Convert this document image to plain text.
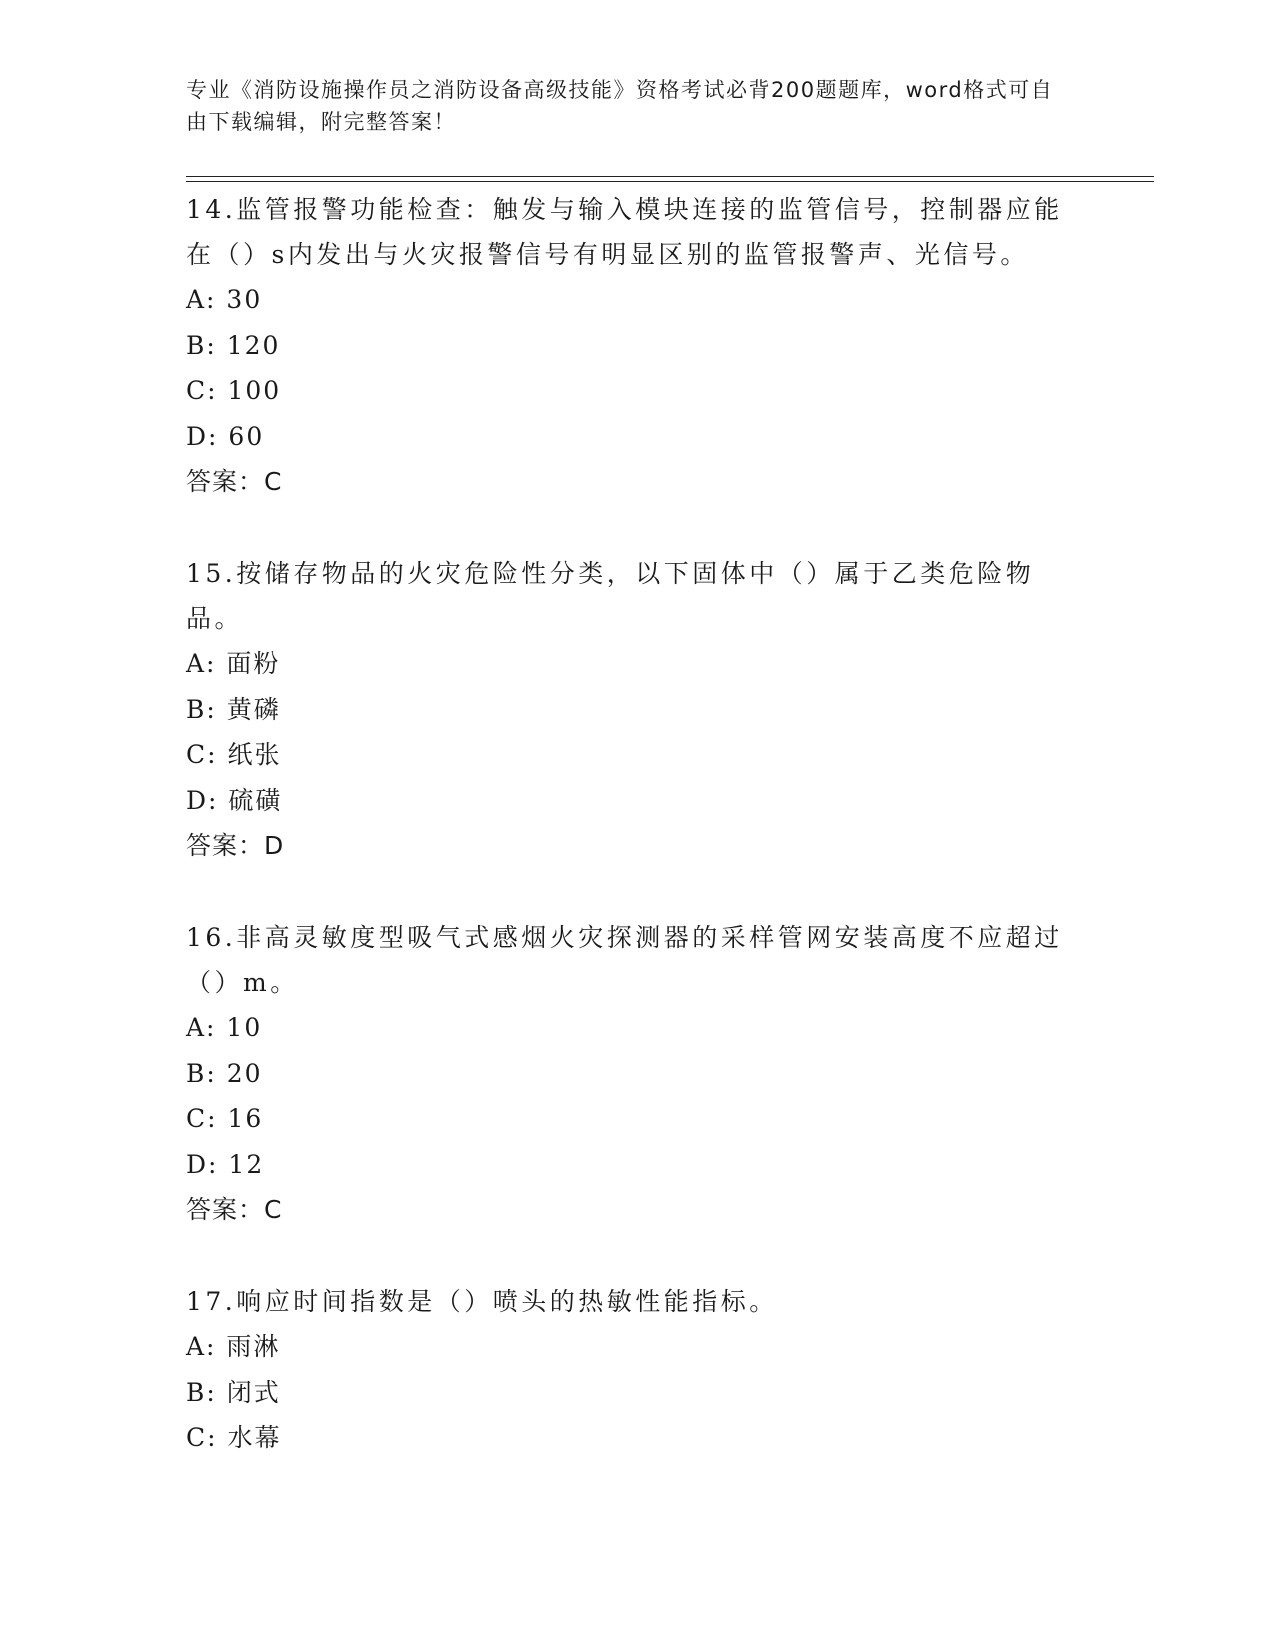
专业《消防设施操作员之消防设备高级技能》资格考试必背200题题库，word格式可自由下载编辑，附完整答案！

14.监管报警功能检查：触发与输入模块连接的监管信号，控制器应能在（）s内发出与火灾报警信号有明显区别的监管报警声、光信号。

A: 30

B: 120

C: 100

D: 60

答案：C

15.按储存物品的火灾危险性分类，以下固体中（）属于乙类危险物品。

A: 面粉

B: 黄磷

C: 纸张

D: 硫磺

答案：D

16.非高灵敏度型吸气式感烟火灾探测器的采样管网安装高度不应超过（）m。

A: 10

B: 20

C: 16

D: 12

答案：C

17.响应时间指数是（）喷头的热敏性能指标。

A: 雨淋

B: 闭式

C: 水幕
